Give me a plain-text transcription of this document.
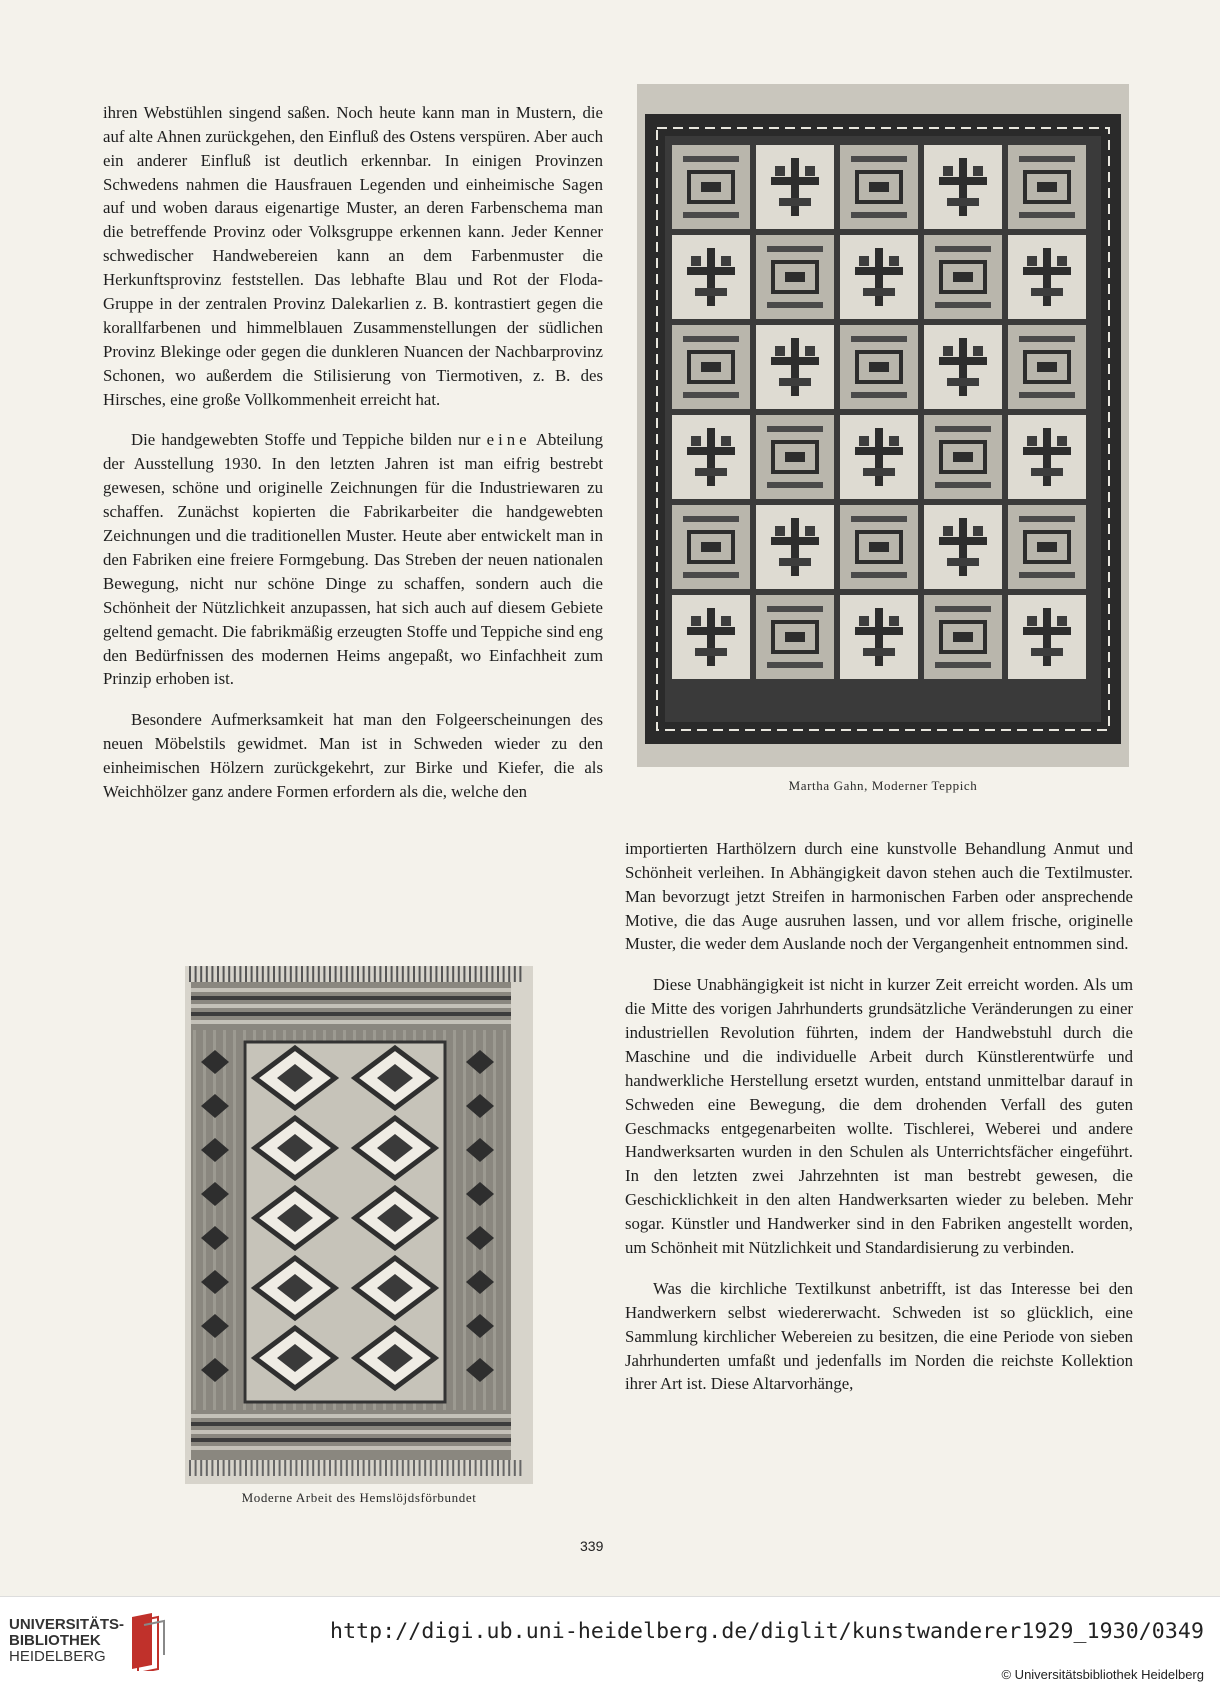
ihren Webstühlen singend saßen. Noch heute kann man in Mustern, die auf alte Ahnen zurückgehen, den Einfluß des Ostens verspüren. Aber auch ein anderer Einfluß ist deutlich erkennbar. In einigen Provinzen Schwedens nahmen die Hausfrauen Legenden und einheimische Sagen auf und woben daraus eigenartige Muster, an deren Farbenschema man die betreffende Provinz oder Volksgruppe erkennen kann. Jeder Kenner schwedischer Handwebereien kann an dem Farbenmuster die Herkunftsprovinz feststellen. Das lebhafte Blau und Rot der Floda-Gruppe in der zentralen Provinz Dalekarlien z. B. kontrastiert gegen die korallfarbenen und himmelblauen Zusammenstellungen der südlichen Provinz Blekinge oder gegen die dunkleren Nuancen der Nachbarprovinz Schonen, wo außerdem die Stilisierung von Tiermotiven, z. B. des Hirsches, eine große Vollkommenheit erreicht hat.

Die handgewebten Stoffe und Teppiche bilden nur eine Abteilung der Ausstellung 1930. In den letzten Jahren ist man eifrig bestrebt gewesen, schöne und originelle Zeichnungen für die Industriewaren zu schaffen. Zunächst kopierten die Fabrikarbeiter die handgewebten Zeichnungen und die traditionellen Muster. Heute aber entwickelt man in den Fabriken eine freiere Formgebung. Das Streben der neuen nationalen Bewegung, nicht nur schöne Dinge zu schaffen, sondern auch die Schönheit der Nützlichkeit anzupassen, hat sich auch auf diesem Gebiete geltend gemacht. Die fabrikmäßig erzeugten Stoffe und Teppiche sind eng den Bedürfnissen des modernen Heims angepaßt, wo Einfachheit zum Prinzip erhoben ist.

Besondere Aufmerksamkeit hat man den Folgeerscheinungen des neuen Möbelstils gewidmet. Man ist in Schweden wieder zu den einheimischen Hölzern zurückgekehrt, zur Birke und Kiefer, die als Weichhölzer ganz andere Formen erfordern als die, welche den	Martha Gahn, Moderner Teppich
Moderne Arbeit des Hemslöjdsförbundet

importierten Harthölzern durch eine kunstvolle Behandlung Anmut und Schönheit verleihen. In Abhängigkeit davon stehen auch die Textilmuster. Man bevorzugt jetzt Streifen in harmonischen Farben oder ansprechende Motive, die das Auge ausruhen lassen, und vor allem frische, originelle Muster, die weder dem Auslande noch der Vergangenheit entnommen sind.

Diese Unabhängigkeit ist nicht in kurzer Zeit erreicht worden. Als um die Mitte des vorigen Jahrhunderts grundsätzliche Veränderungen zu einer industriellen Revolution führten, indem der Handwebstuhl durch die Maschine und die individuelle Arbeit durch Künstlerentwürfe und handwerkliche Herstellung ersetzt wurden, entstand unmittelbar darauf in Schweden eine Bewegung, die dem drohenden Verfall des guten Geschmacks entgegenarbeiten wollte. Tischlerei, Weberei und andere Handwerksarten wurden in den Schulen als Unterrichtsfächer eingeführt. In den letzten zwei Jahrzehnten ist man bestrebt gewesen, die Geschicklichkeit in den alten Handwerksarten wieder zu beleben. Mehr sogar. Künstler und Handwerker sind in den Fabriken angestellt worden, um Schönheit mit Nützlichkeit und Standardisierung zu verbinden.

Was die kirchliche Textilkunst anbetrifft, ist das Interesse bei den Handwerkern selbst wiedererwacht. Schweden ist so glücklich, eine Sammlung kirchlicher Webereien zu besitzen, die eine Periode von sieben Jahrhunderten umfaßt und jedenfalls im Norden die reichste Kollektion ihrer Art ist. Diese Altarvorhänge,

339
UNIVERSITÄTS-
BIBLIOTHEK
HEIDELBERG
http://digi.ub.uni-heidelberg.de/diglit/kunstwanderer1929_1930/0349
© Universitätsbibliothek Heidelberg
